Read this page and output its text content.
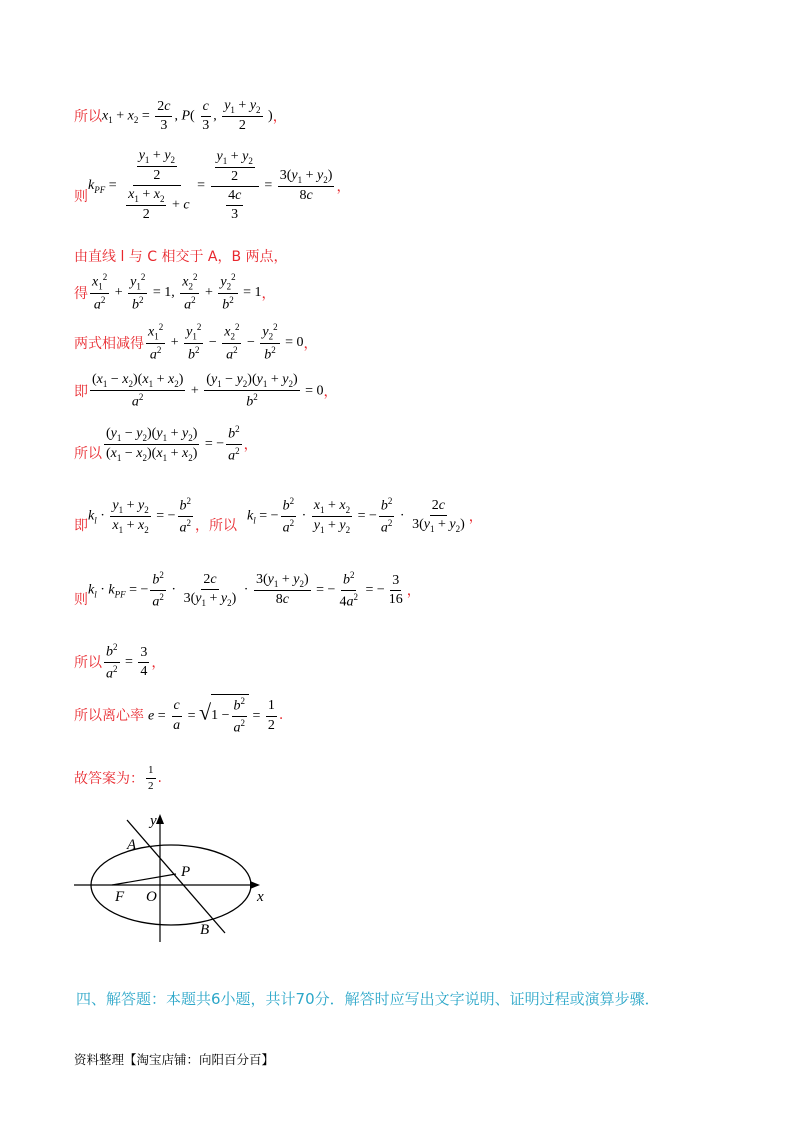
所以 $x_1 + x_2 = \frac{2c}{3}$ , $P( \frac{c}{3}$ , $\frac{y_1 + y_2}{2}$ ) ，
则
$k_{PF} = \frac{\frac{y_1 + y_2}{2}}{\frac{x_1 + x_2}{2} + c} = \frac{\frac{y_1 + y_2}{2}}{\frac{4c}{3}} = \frac{3(y_1 + y_2)}{8c}$ ，
由直线 l 与 C 相交于 A，B 两点，
得 $\frac{x_1^2}{a^2} + \frac{y_1^2}{b^2} = 1$, $\frac{x_2^2}{a^2} + \frac{y_2^2}{b^2} = 1$ ，
两式相减得 $\frac{x_1^2}{a^2} + \frac{y_1^2}{b^2} - \frac{x_2^2}{a^2} - \frac{y_2^2}{b^2} = 0$ ，
即 $\frac{(x_1 - x_2)(x_1 + x_2)}{a^2} + \frac{(y_1 - y_2)(y_1 + y_2)}{b^2} = 0$ ，
所以 $\frac{(y_1 - y_2)(y_1 + y_2)}{(x_1 - x_2)(x_1 + x_2)}$ = − $\frac{b^2}{a^2}$ ，
即
$k_l \cdot \frac{y_1 + y_2}{x_1 + x_2}$ = − $\frac{b^2}{a^2}$ ， 所以
$k_l$ = − $\frac{b^2}{a^2} \cdot \frac{x_1 + x_2}{y_1 + y_2}$ = − $\frac{b^2}{a^2} \cdot \frac{2c}{3(y_1 + y_2)}$ ，
则
$k_l \cdot k_{PF}$ = − $\frac{b^2}{a^2} \cdot \frac{2c}{3(y_1 + y_2)} \cdot \frac{3(y_1 + y_2)}{8c}$ = − $\frac{b^2}{4a^2}$ = − $\frac{3}{16}$ ，
所以 $\frac{b^2}{a^2} = \frac{3}{4}$ ，
所以离心率 $e = \frac{c}{a} = √1 - \frac{b^2}{a^2} = \frac{1}{2}$ .
故答案为： $\frac{1}{2}$ .
y
x
A
B
P
F O
四、解答题：本题共6小题，共计70分．解答时应写出文字说明、证明过程或演算步骤．
资料整理【淘宝店铺：向阳百分百】
